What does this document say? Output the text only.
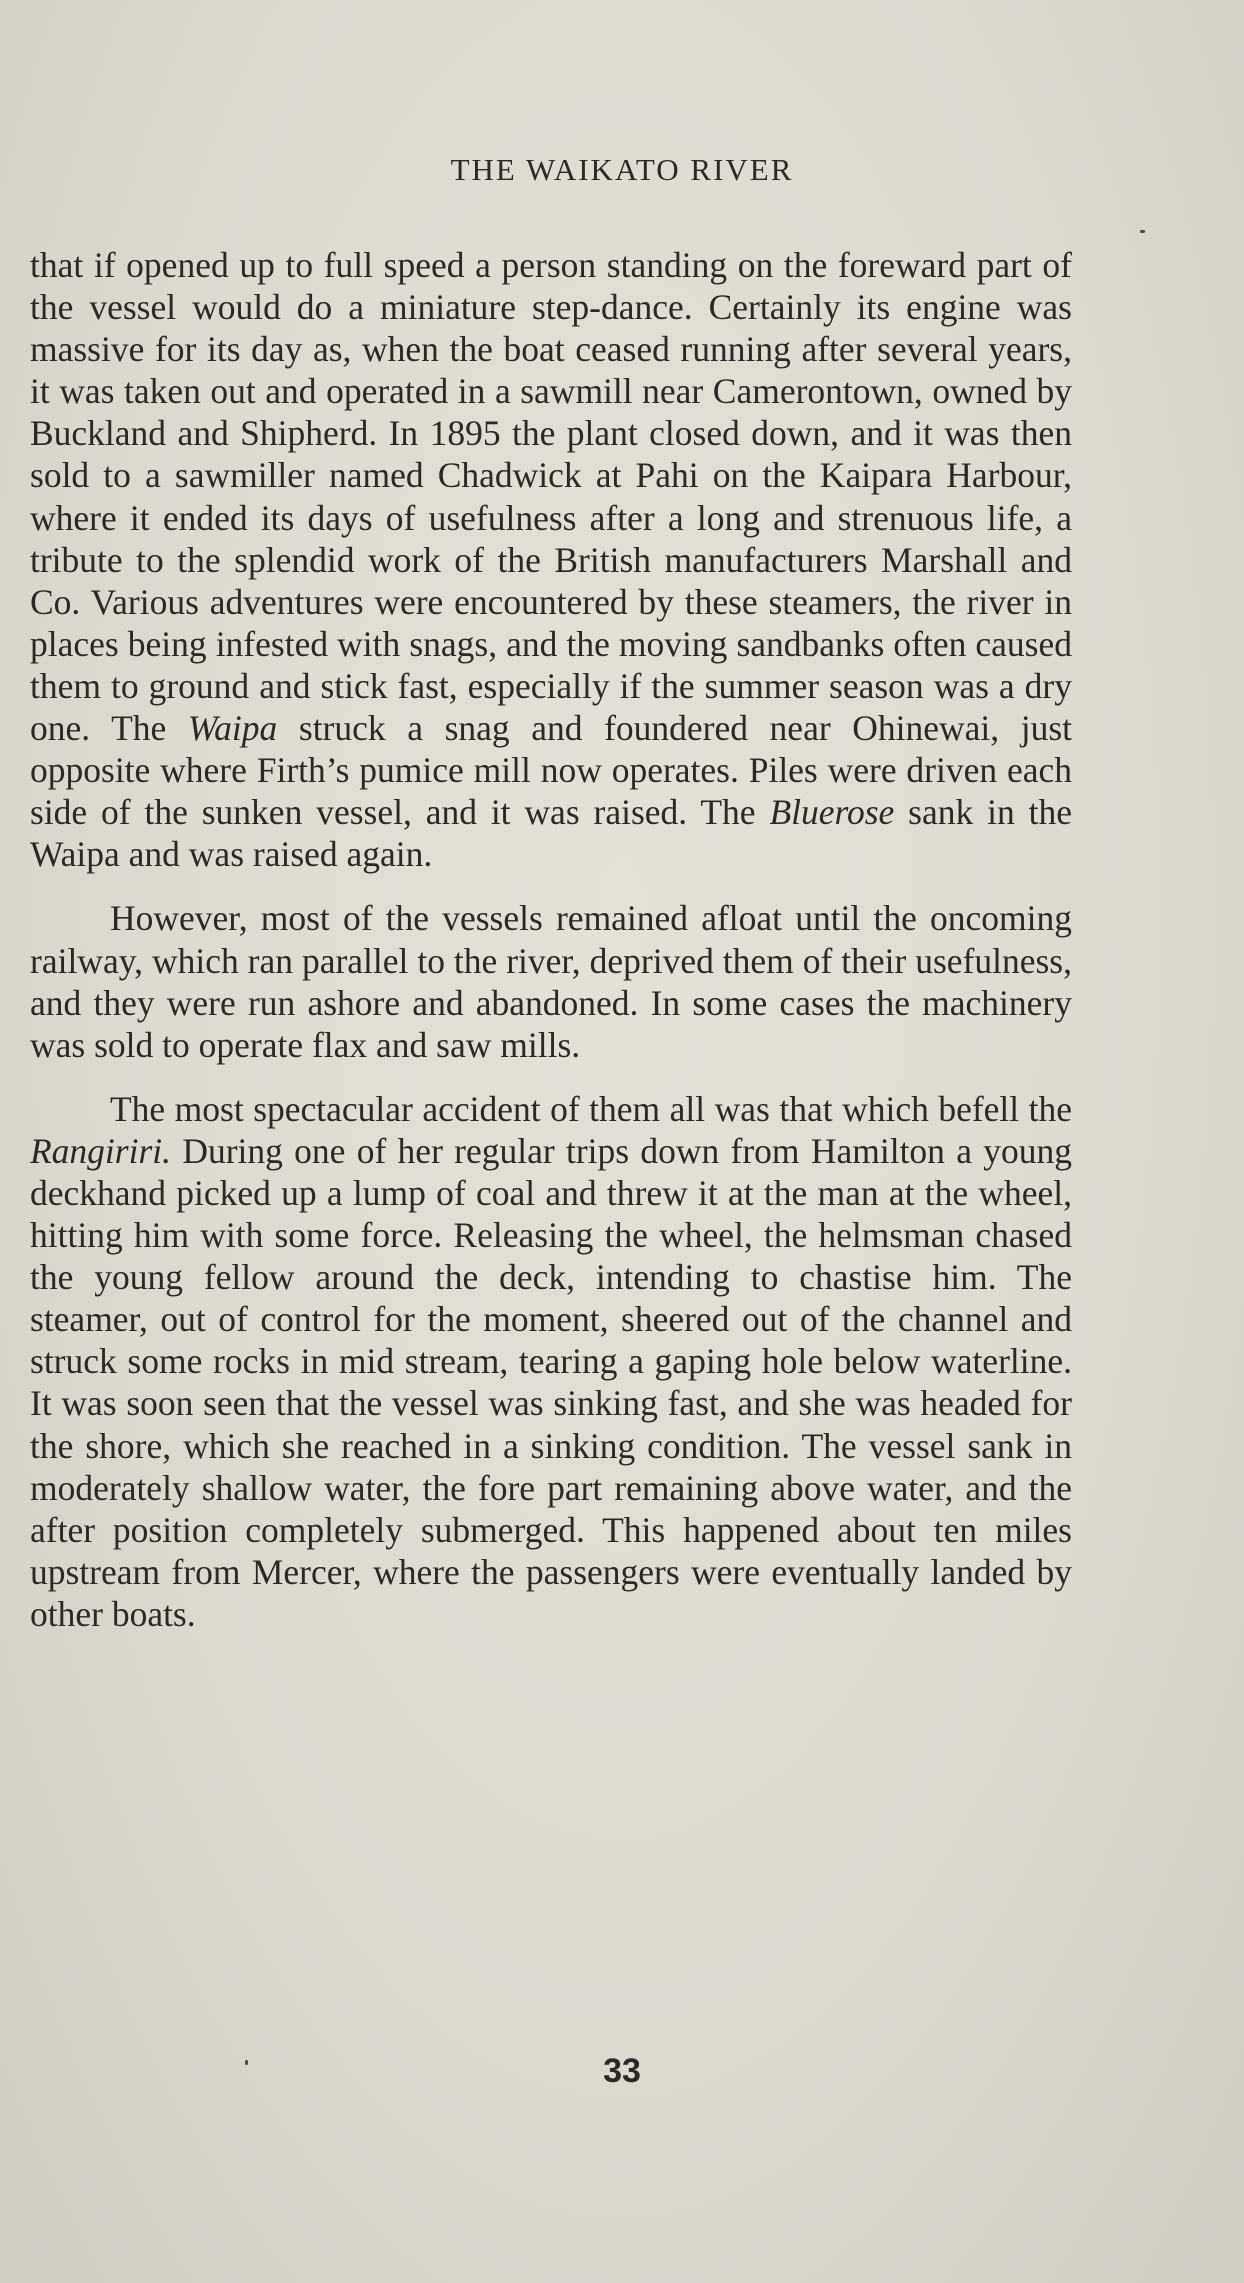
THE WAIKATO RIVER

that if opened up to full speed a person standing on the foreward part of the vessel would do a miniature step-dance. Certainly its engine was massive for its day as, when the boat ceased running after several years, it was taken out and operated in a sawmill near Camerontown, owned by Buckland and Shipherd. In 1895 the plant closed down, and it was then sold to a sawmiller named Chadwick at Pahi on the Kaipara Harbour, where it ended its days of usefulness after a long and strenuous life, a tribute to the splendid work of the British manufacturers Marshall and Co. Various adventures were encountered by these steamers, the river in places being infested with snags, and the moving sandbanks often caused them to ground and stick fast, especially if the summer season was a dry one. The Waipa struck a snag and foundered near Ohinewai, just opposite where Firth’s pumice mill now operates. Piles were driven each side of the sunken vessel, and it was raised. The Bluerose sank in the Waipa and was raised again.

However, most of the vessels remained afloat until the oncoming railway, which ran parallel to the river, deprived them of their usefulness, and they were run ashore and abandoned. In some cases the machinery was sold to operate flax and saw mills.

The most spectacular accident of them all was that which befell the Rangiriri. During one of her regular trips down from Hamilton a young deckhand picked up a lump of coal and threw it at the man at the wheel, hitting him with some force. Releasing the wheel, the helmsman chased the young fellow around the deck, intending to chastise him. The steamer, out of control for the moment, sheered out of the channel and struck some rocks in mid stream, tearing a gaping hole below waterline. It was soon seen that the vessel was sinking fast, and she was headed for the shore, which she reached in a sinking condition. The vessel sank in moderately shallow water, the fore part remaining above water, and the after position completely submerged. This happened about ten miles upstream from Mercer, where the passengers were eventually landed by other boats.

33
